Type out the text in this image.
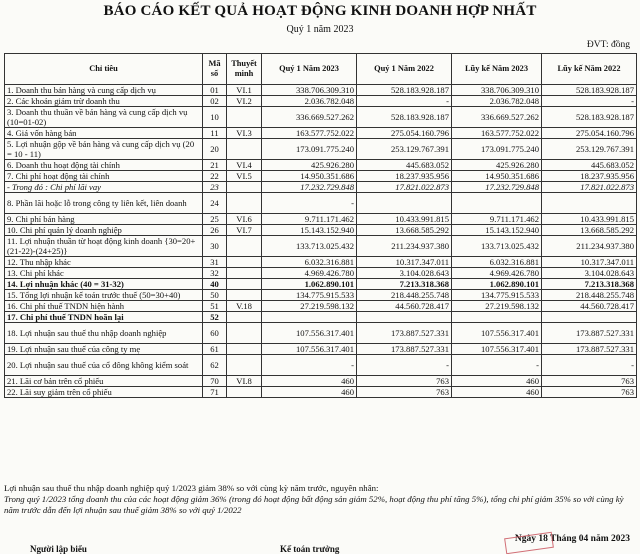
BÁO CÁO KẾT QUẢ HOẠT ĐỘNG KINH DOANH HỢP NHẤT
Quý 1 năm 2023
ĐVT: đồng
Chỉ tiêu	Mã số	Thuyết minh	Quý 1 Năm 2023	Quý 1 Năm 2022	Lũy kế Năm 2023	Lũy kế Năm 2022
1. Doanh thu bán hàng và cung cấp dịch vụ	01	VI.1	338.706.309.310	528.183.928.187	338.706.309.310	528.183.928.187
2. Các khoản giảm trừ doanh thu	02	VI.2	2.036.782.048	-	2.036.782.048	-
3. Doanh thu thuần về bán hàng và cung cấp dịch vụ (10=01-02)	10		336.669.527.262	528.183.928.187	336.669.527.262	528.183.928.187
4. Giá vốn hàng bán	11	VI.3	163.577.752.022	275.054.160.796	163.577.752.022	275.054.160.796
5. Lợi nhuận gộp về bán hàng và cung cấp dịch vụ (20 = 10 - 11)	20		173.091.775.240	253.129.767.391	173.091.775.240	253.129.767.391
6. Doanh thu hoạt động tài chính	21	VI.4	425.926.280	445.683.052	425.926.280	445.683.052
7. Chi phí hoạt động tài chính	22	VI.5	14.950.351.686	18.237.935.956	14.950.351.686	18.237.935.956
- Trong đó : Chi phí lãi vay	23		17.232.729.848	17.821.022.873	17.232.729.848	17.821.022.873
8. Phần lãi hoặc lỗ trong công ty liên kết, liên doanh	24		-			
9. Chi phí bán hàng	25	VI.6	9.711.171.462	10.433.991.815	9.711.171.462	10.433.991.815
10. Chi phí quản lý doanh nghiệp	26	VI.7	15.143.152.940	13.668.585.292	15.143.152.940	13.668.585.292
11. Lợi nhuận thuần từ hoạt động kinh doanh {30=20+(21-22)-(24+25)}	30		133.713.025.432	211.234.937.380	133.713.025.432	211.234.937.380
12. Thu nhập khác	31		6.032.316.881	10.317.347.011	6.032.316.881	10.317.347.011
13. Chi phí khác	32		4.969.426.780	3.104.028.643	4.969.426.780	3.104.028.643
14. Lợi nhuận khác (40 = 31-32)	40		1.062.890.101	7.213.318.368	1.062.890.101	7.213.318.368
15. Tổng lợi nhuận kế toán trước thuế (50=30+40)	50		134.775.915.533	218.448.255.748	134.775.915.533	218.448.255.748
16. Chi phí thuế TNDN hiện hành	51	V.18	27.219.598.132	44.560.728.417	27.219.598.132	44.560.728.417
17. Chi phí thuế TNDN hoãn lại	52					
18. Lợi nhuận sau thuế thu nhập doanh nghiệp	60		107.556.317.401	173.887.527.331	107.556.317.401	173.887.527.331
19. Lợi nhuận sau thuế của công ty mẹ	61		107.556.317.401	173.887.527.331	107.556.317.401	173.887.527.331
20. Lợi nhuận sau thuế của cổ đông không kiểm soát	62		-	-	-	-
21. Lãi cơ bản trên cổ phiếu	70	VI.8	460	763	460	763
22. Lãi suy giảm trên cổ phiếu	71		460	763	460	763
Lợi nhuận sau thuế thu nhập doanh nghiệp quý 1/2023 giảm 38% so với cùng kỳ năm trước, nguyên nhân:
Trong quý 1/2023 tổng doanh thu của các hoạt động giảm 36% (trong đó hoạt động bất động sản giảm 52%, hoạt động thu phí tăng 5%), tổng chi phí giảm 35% so với cùng kỳ năm trước dẫn đến lợi nhuận sau thuế giảm 38% so với quý 1/2022
Người lập biểu	Kế toán trưởng
Ngày 18 Tháng 04 năm 2023
